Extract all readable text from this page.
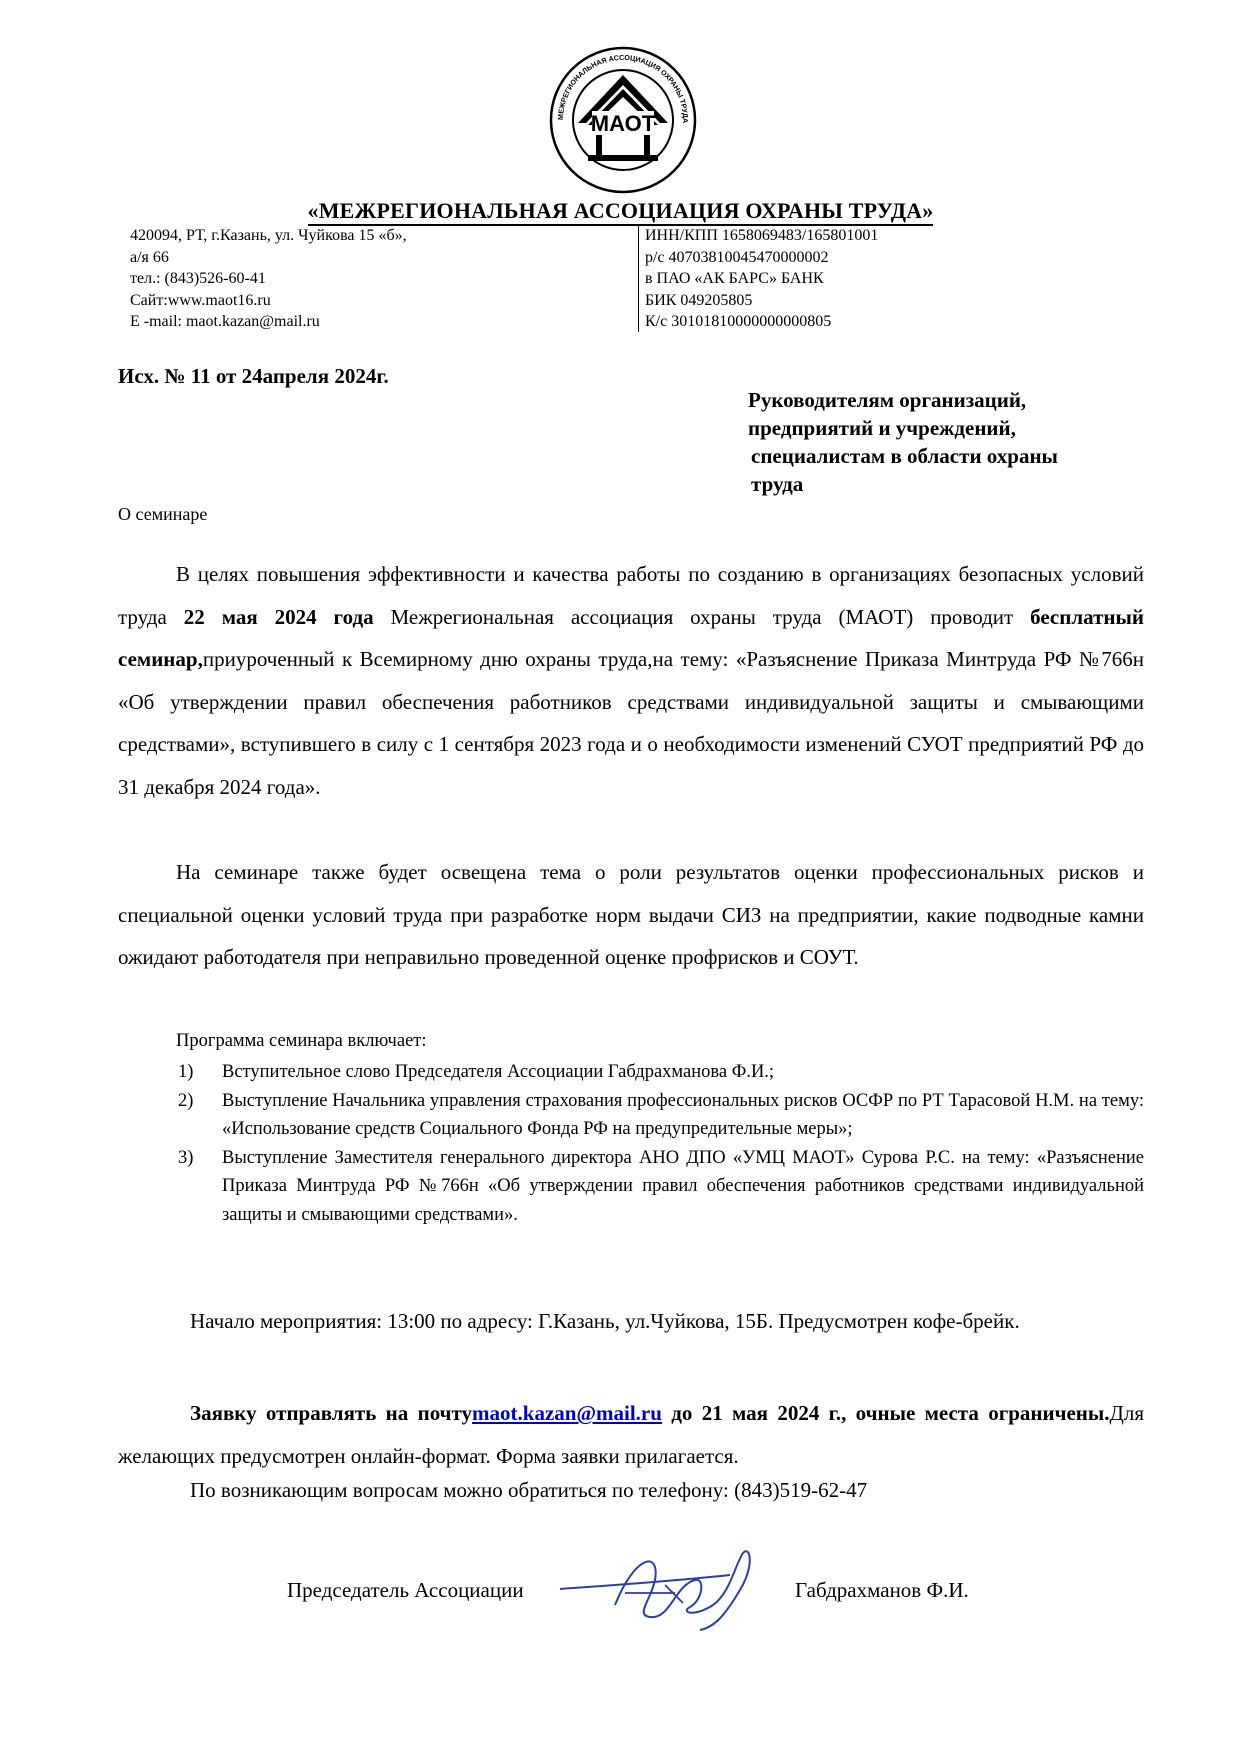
МЕЖРЕГИОНАЛЬНАЯ АССОЦИАЦИЯ ОХРАНЫ ТРУДА
МАОТ
«МЕЖРЕГИОНАЛЬНАЯ АССОЦИАЦИЯ ОХРАНЫ ТРУДА»
420094, РТ, г.Казань, ул. Чуйкова 15 «б»,
а/я 66
тел.: (843)526-60-41
Сайт:www.maot16.ru
E -mail: maot.kazan@mail.ru
ИНН/КПП 1658069483/165801001
р/с 40703810045470000002
в ПАО «АК БАРС» БАНК
БИК 049205805
К/с 30101810000000000805
Исх. № 11 от 24апреля 2024г.
Руководителям организаций,
предприятий и учреждений,
специалистам в области охраны
труда
О семинаре

В целях повышения эффективности и качества работы по созданию в организациях безопасных условий труда 22 мая 2024 года Межрегиональная ассоциация охраны труда (МАОТ) проводит бесплатный семинар,приуроченный к Всемирному дню охраны труда,на тему: «Разъяснение Приказа Минтруда РФ №766н «Об утверждении правил обеспечения работников средствами индивидуальной защиты и смывающими средствами», вступившего в силу с 1 сентября 2023 года и о необходимости изменений СУОТ предприятий РФ до 31 декабря 2024 года».

На семинаре также будет освещена тема о роли результатов оценки профессиональных рисков и специальной оценки условий труда при разработке норм выдачи СИЗ на предприятии, какие подводные камни ожидают работодателя при неправильно проведенной оценке профрисков и СОУТ.

Программа семинара включает:
1)	Вступительное слово Председателя Ассоциации Габдрахманова Ф.И.;
2)	Выступление Начальника управления страхования профессиональных рисков ОСФР по РТ Тарасовой Н.М. на тему: «Использование средств Социального Фонда РФ на предупредительные меры»;
3)	Выступление Заместителя генерального директора АНО ДПО «УМЦ МАОТ» Сурова Р.С. на тему: «Разъяснение Приказа Минтруда РФ №766н «Об утверждении правил обеспечения работников средствами индивидуальной защиты и смывающими средствами».

Начало мероприятия: 13:00 по адресу: Г.Казань, ул.Чуйкова, 15Б. Предусмотрен кофе-брейк.

Заявку отправлять на почтуmaot.kazan@mail.ru до 21 мая 2024 г., очные места ограничены.Для желающих предусмотрен онлайн-формат. Форма заявки прилагается.

По возникающим вопросам можно обратиться по телефону: (843)519-62-47
Председатель Ассоциации	Габдрахманов Ф.И.
